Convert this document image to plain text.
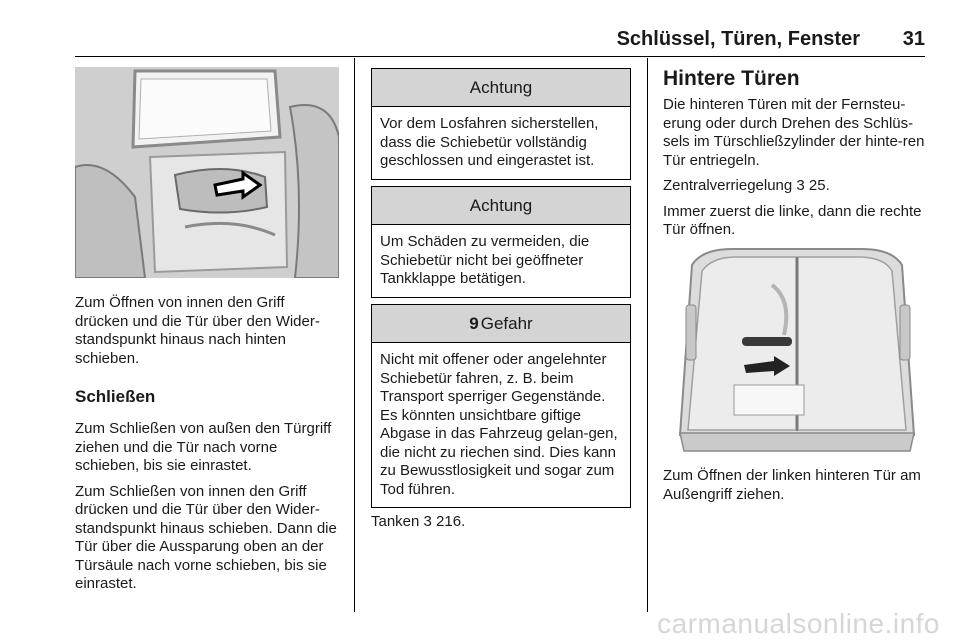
Schlüssel, Türen, Fenster	31

Zum Öffnen von innen den Griff drücken und die Tür über den Wider-standspunkt hinaus nach hinten schieben.

Schließen

Zum Schließen von außen den Türgriff ziehen und die Tür nach vorne schieben, bis sie einrastet.

Zum Schließen von innen den Griff drücken und die Tür über den Wider-standspunkt hinaus schieben. Dann die Tür über die Aussparung oben an der Türsäule nach vorne schieben, bis sie einrastet.

Achtung
Vor dem Losfahren sicherstellen, dass die Schiebetür vollständig geschlossen und eingerastet ist.
Achtung
Um Schäden zu vermeiden, die Schiebetür nicht bei geöffneter Tankklappe betätigen.
9 Gefahr
Nicht mit offener oder angelehnter Schiebetür fahren, z. B. beim Transport sperriger Gegenstände. Es könnten unsichtbare giftige Abgase in das Fahrzeug gelan-gen, die nicht zu riechen sind. Dies kann zu Bewusstlosigkeit und sogar zum Tod führen.

Tanken 3 216.

Hintere Türen

Die hinteren Türen mit der Fernsteu-erung oder durch Drehen des Schlüs-sels im Türschließzylinder der hinte-ren Tür entriegeln.

Zentralverriegelung 3 25.

Immer zuerst die linke, dann die rechte Tür öffnen.

Zum Öffnen der linken hinteren Tür am Außengriff ziehen.

carmanualsonline.info
